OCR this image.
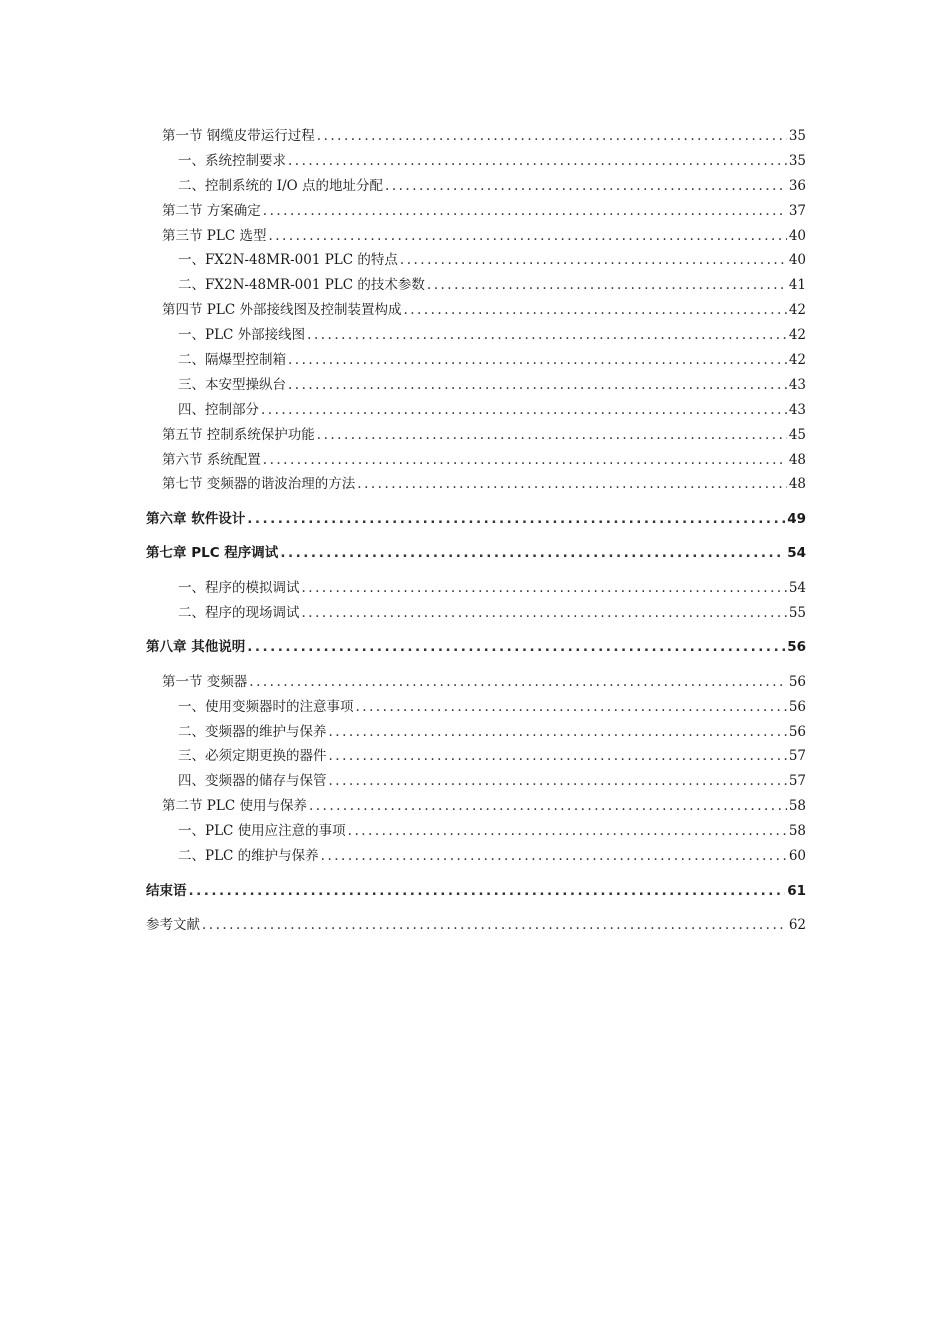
第一节 钢缆皮带运行过程 .....	35
一、系统控制要求 .....	35
二、控制系统的 I/O 点的地址分配 .....	36
第二节 方案确定 .....	37
第三节 PLC 选型 .....	40
一、FX2N-48MR-001 PLC 的特点 .....	40
二、FX2N-48MR-001 PLC 的技术参数 .....	41
第四节 PLC 外部接线图及控制装置构成 .....	42
一、PLC 外部接线图 .....	42
二、隔爆型控制箱 .....	42
三、本安型操纵台 .....	43
四、控制部分 .....	43
第五节 控制系统保护功能 .....	45
第六节 系统配置 .....	48
第七节 变频器的谐波治理的方法 .....	48
第六章 软件设计 .....	49
第七章 PLC 程序调试 .....	54
一、程序的模拟调试 .....	54
二、程序的现场调试 .....	55
第八章 其他说明 .....	56
第一节 变频器 .....	56
一、使用变频器时的注意事项 .....	56
二、变频器的维护与保养 .....	56
三、必须定期更换的器件 .....	57
四、变频器的储存与保管 .....	57
第二节 PLC 使用与保养 .....	58
一、PLC 使用应注意的事项 .....	58
二、PLC 的维护与保养 .....	60
结束语 .....	61
参考文献 .....	62
